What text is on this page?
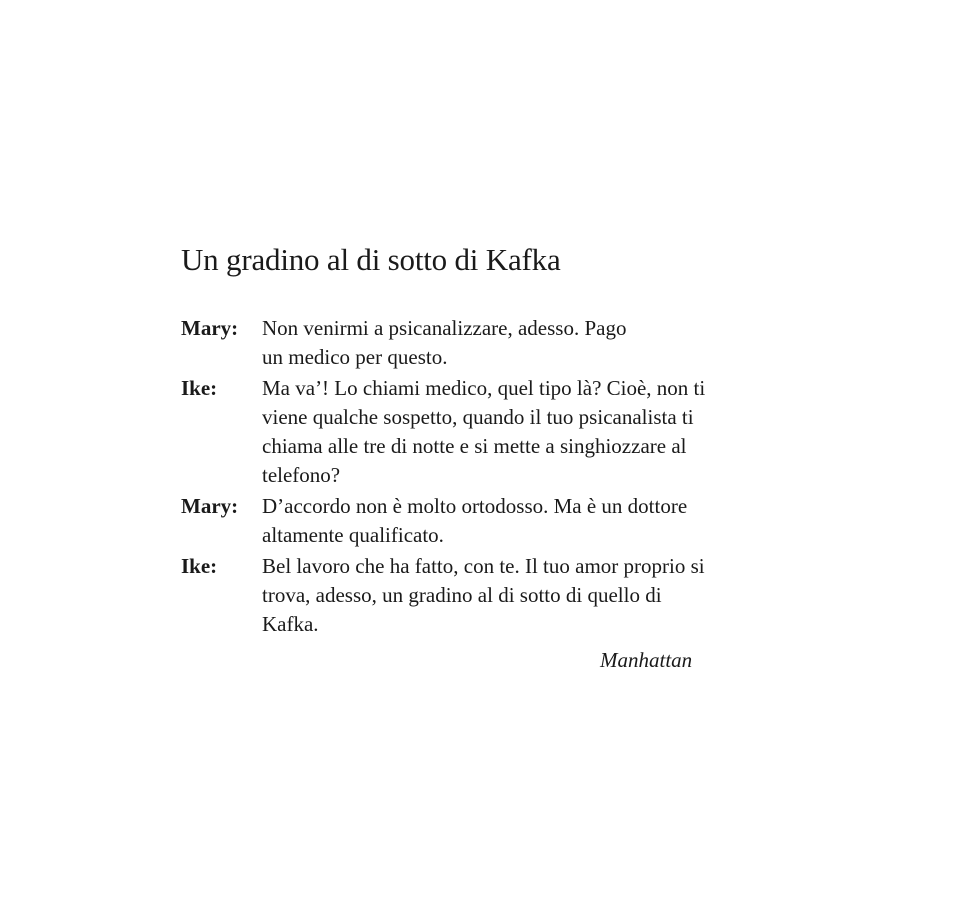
Un gradino al di sotto di Kafka
Mary: Non venirmi a psicanalizzare, adesso. Pago
un medico per questo.
Ike: Ma va’! Lo chiami medico, quel tipo là? Cioè, non ti
viene qualche sospetto, quando il tuo psicanalista ti
chiama alle tre di notte e si mette a singhiozzare al
telefono?
Mary: D’accordo non è molto ortodosso. Ma è un dottore
altamente qualificato.
Ike: Bel lavoro che ha fatto, con te. Il tuo amor proprio si
trova, adesso, un gradino al di sotto di quello di
Kafka.
Manhattan
